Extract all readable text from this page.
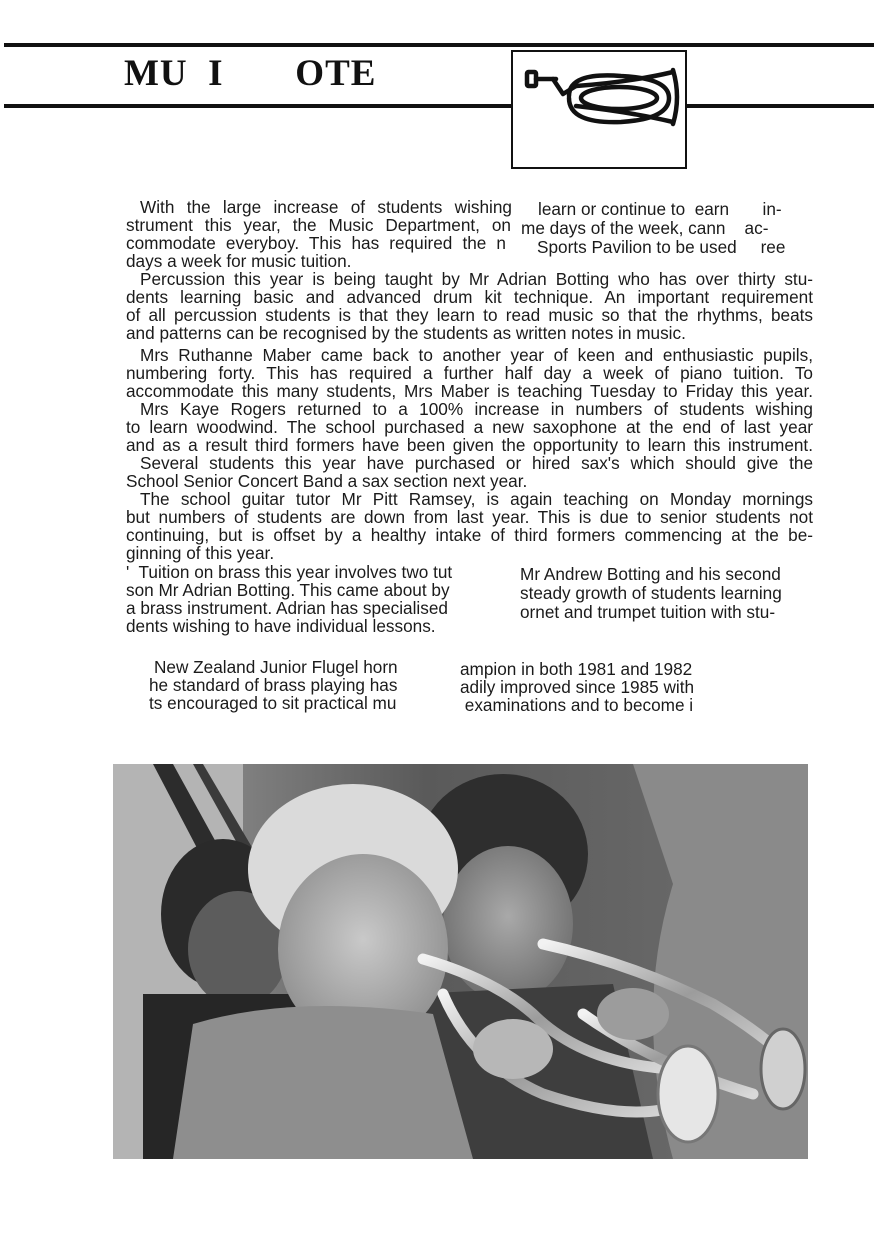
MU  I       OTE

With the large increase of students wishing

strument this year, the Music Department, on

commodate everyboy. This has required the n

days a week for music tuition.

learn or continue to  earn       in-

me days of the week, cann    ac-

Sports Pavilion to be used     ree

Percussion this year is being taught by Mr Adrian Botting who has over thirty stu-

dents learning basic and advanced drum kit technique. An important requirement

of all percussion students is that they learn to read music so that the rhythms, beats

and patterns can be recognised by the students as written notes in music.

Mrs Ruthanne Maber came back to another year of keen and enthusiastic pupils,

numbering forty. This has required a further half day a week of piano tuition. To

accommodate this many students, Mrs Maber is teaching Tuesday to Friday this year.

Mrs Kaye Rogers returned to a 100% increase in numbers of students wishing

to learn woodwind. The school purchased a new saxophone at the end of last year

and as a result third formers have been given the opportunity to learn this instrument.

Several students this year have purchased or hired sax's which should give the

School Senior Concert Band a sax section next year.

The school guitar tutor Mr Pitt Ramsey, is again teaching on Monday mornings

but numbers of students are down from last year. This is due to senior students not

continuing, but is offset by a healthy intake of third formers commencing at the be-

ginning of this year.

'  Tuition on brass this year involves two tut

son Mr Adrian Botting. This came about by

a brass instrument. Adrian has specialised

dents wishing to have individual lessons.

Mr Andrew Botting and his second

steady growth of students learning

ornet and trumpet tuition with stu-

New Zealand Junior Flugel horn

he standard of brass playing has

ts encouraged to sit practical mu

ampion in both 1981 and 1982

adily improved since 1985 with

examinations and to become i
